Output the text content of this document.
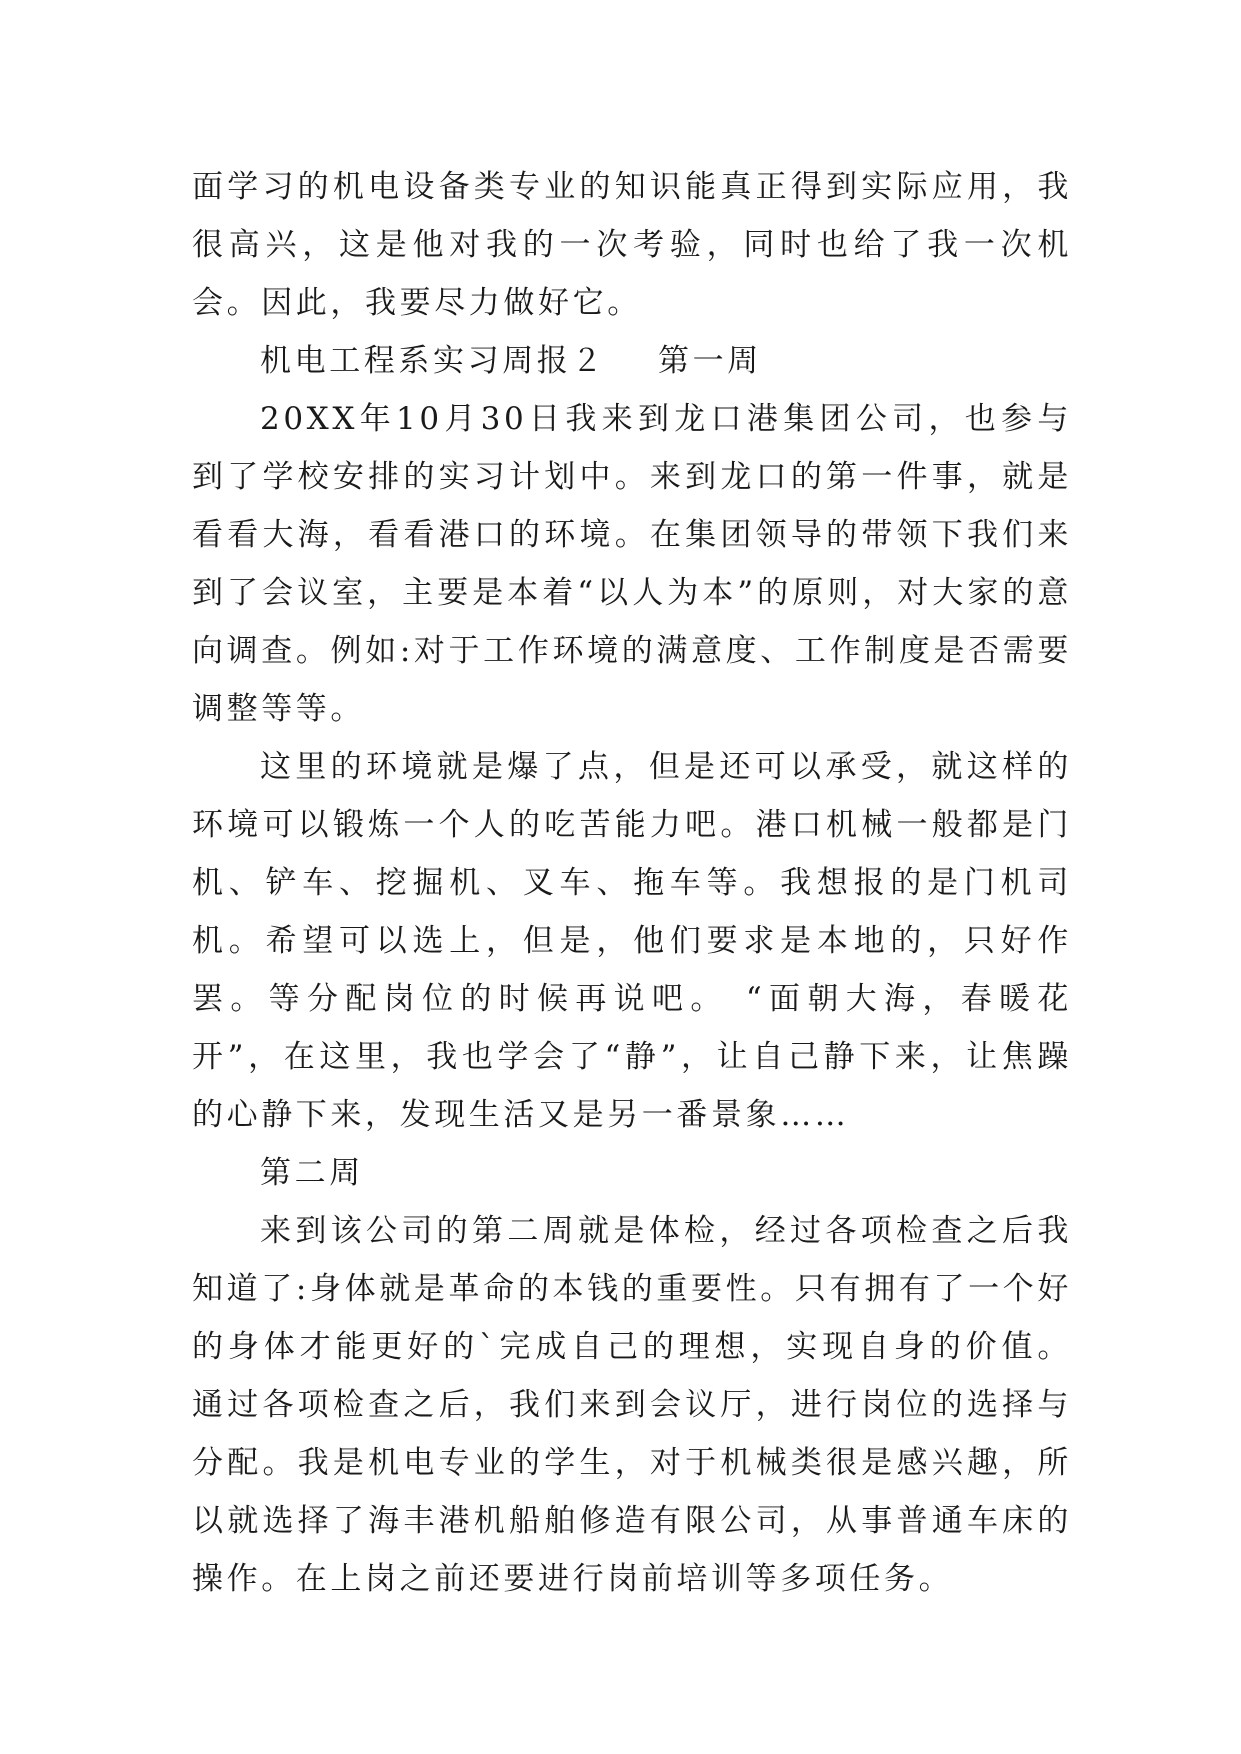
面学习的机电设备类专业的知识能真正得到实际应用，我很高兴，这是他对我的一次考验，同时也给了我一次机会。因此，我要尽力做好它。

机电工程系实习周报２ 第一周

20XX年10月30日我来到龙口港集团公司，也参与到了学校安排的实习计划中。来到龙口的第一件事，就是看看大海，看看港口的环境。在集团领导的带领下我们来到了会议室，主要是本着“以人为本”的原则，对大家的意向调查。例如:对于工作环境的满意度、工作制度是否需要调整等等。

这里的环境就是爆了点，但是还可以承受，就这样的环境可以锻炼一个人的吃苦能力吧。港口机械一般都是门机、铲车、挖掘机、叉车、拖车等。我想报的是门机司机。希望可以选上，但是，他们要求是本地的，只好作罢。等分配岗位的时候再说吧。 “面朝大海，春暖花开”，在这里，我也学会了“静”，让自己静下来，让焦躁的心静下来，发现生活又是另一番景象……

第二周

来到该公司的第二周就是体检，经过各项检查之后我知道了:身体就是革命的本钱的重要性。只有拥有了一个好的身体才能更好的`完成自己的理想，实现自身的价值。 通过各项检查之后，我们来到会议厅，进行岗位的选择与分配。我是机电专业的学生，对于机械类很是感兴趣，所以就选择了海丰港机船舶修造有限公司，从事普通车床的操作。在上岗之前还要进行岗前培训等多项任务。
